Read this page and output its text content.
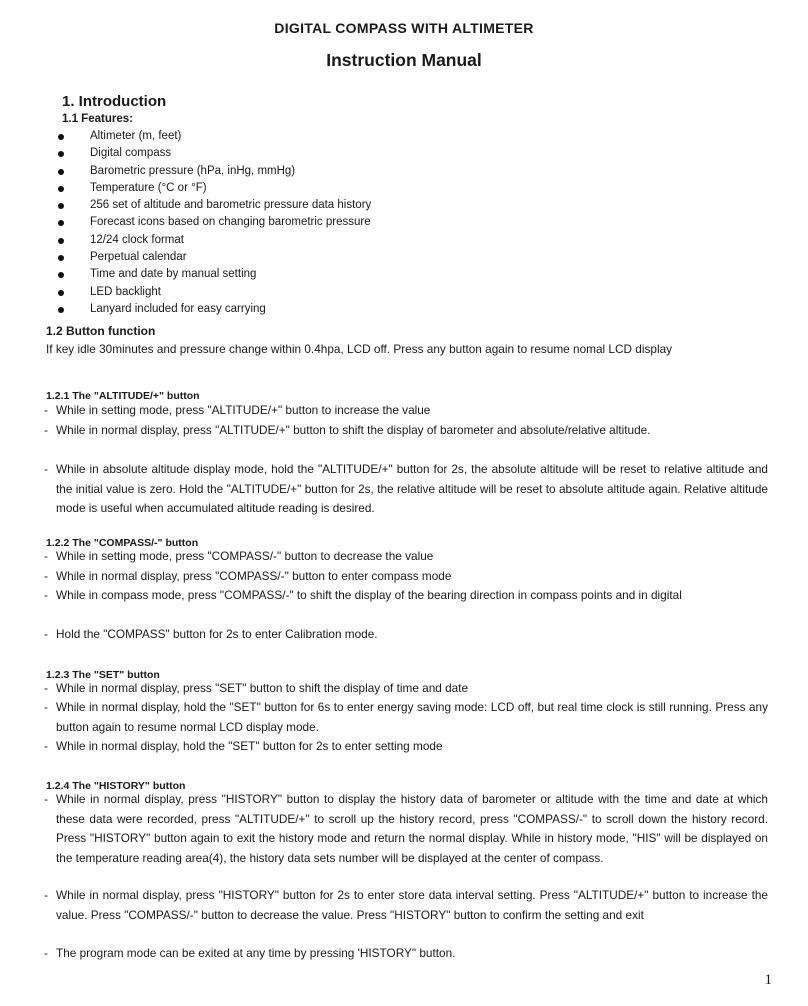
DIGITAL COMPASS WITH ALTIMETER
Instruction Manual
1. Introduction
1.1 Features:
Altimeter (m, feet)
Digital compass
Barometric pressure (hPa, inHg, mmHg)
Temperature (°C or °F)
256 set of altitude and barometric pressure data history
Forecast icons based on changing barometric pressure
12/24 clock format
Perpetual calendar
Time and date by manual setting
LED backlight
Lanyard included for easy carrying
1.2 Button function
If key idle 30minutes and pressure change within 0.4hpa, LCD off. Press any button again to resume nomal LCD display
1.2.1 The "ALTITUDE/+" button
- While in setting mode, press "ALTITUDE/+" button to increase the value
- While in normal display, press "ALTITUDE/+" button to shift the display of barometer and absolute/relative altitude.
- While in absolute altitude display mode, hold the "ALTITUDE/+" button for 2s, the absolute altitude will be reset to relative altitude and the initial value is zero. Hold the "ALTITUDE/+" button for 2s, the relative altitude will be reset to absolute altitude again. Relative altitude mode is useful when accumulated altitude reading is desired.
1.2.2 The "COMPASS/-" button
- While in setting mode, press "COMPASS/-" button to decrease the value
- While in normal display, press "COMPASS/-" button to enter compass mode
- While in compass mode, press "COMPASS/-" to shift the display of the bearing direction in compass points and in digital
- Hold the "COMPASS" button for 2s to enter Calibration mode.
1.2.3 The "SET" button
- While in normal display, press "SET" button to shift the display of time and date
- While in normal display, hold the "SET" button for 6s to enter energy saving mode: LCD off, but real time clock is still running. Press any button again to resume normal LCD display mode.
- While in normal display, hold the "SET" button for 2s to enter setting mode
1.2.4 The "HISTORY" button
- While in normal display, press "HISTORY" button to display the history data of barometer or altitude with the time and date at which these data were recorded, press "ALTITUDE/+" to scroll up the history record, press "COMPASS/-" to scroll down the history record. Press "HISTORY" button again to exit the history mode and return the normal display. While in history mode, "HIS" will be displayed on the temperature reading area(4), the history data sets number will be displayed at the center of compass.
- While in normal display, press "HISTORY" button for 2s to enter store data interval setting. Press "ALTITUDE/+" button to increase the value. Press "COMPASS/-" button to decrease the value. Press "HISTORY" button to confirm the setting and exit
- The program mode can be exited at any time by pressing 'HISTORY" button.
1
